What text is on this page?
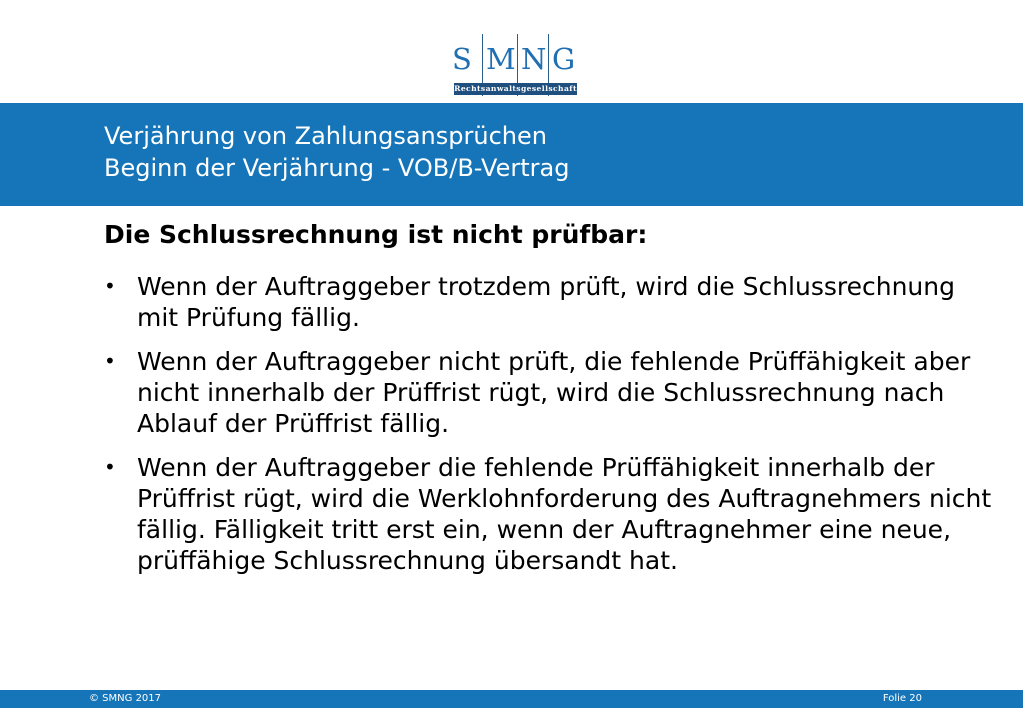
S M N G
Rechtsanwaltsgesellschaft
Verjährung von Zahlungsansprüchen
Beginn der Verjährung - VOB/B-Vertrag
Die Schlussrechnung ist nicht prüfbar:
• Wenn der Auftraggeber trotzdem prüft, wird die Schlussrechnung mit Prüfung fällig.
• Wenn der Auftraggeber nicht prüft, die fehlende Prüffähigkeit aber nicht innerhalb der Prüffrist rügt, wird die Schlussrechnung nach Ablauf der Prüffrist fällig.
• Wenn der Auftraggeber die fehlende Prüffähigkeit innerhalb der Prüffrist rügt, wird die Werklohnforderung des Auftragnehmers nicht fällig. Fälligkeit tritt erst ein, wenn der Auftragnehmer eine neue, prüffähige Schlussrechnung übersandt hat.
© SMNG 2017	Folie 20
